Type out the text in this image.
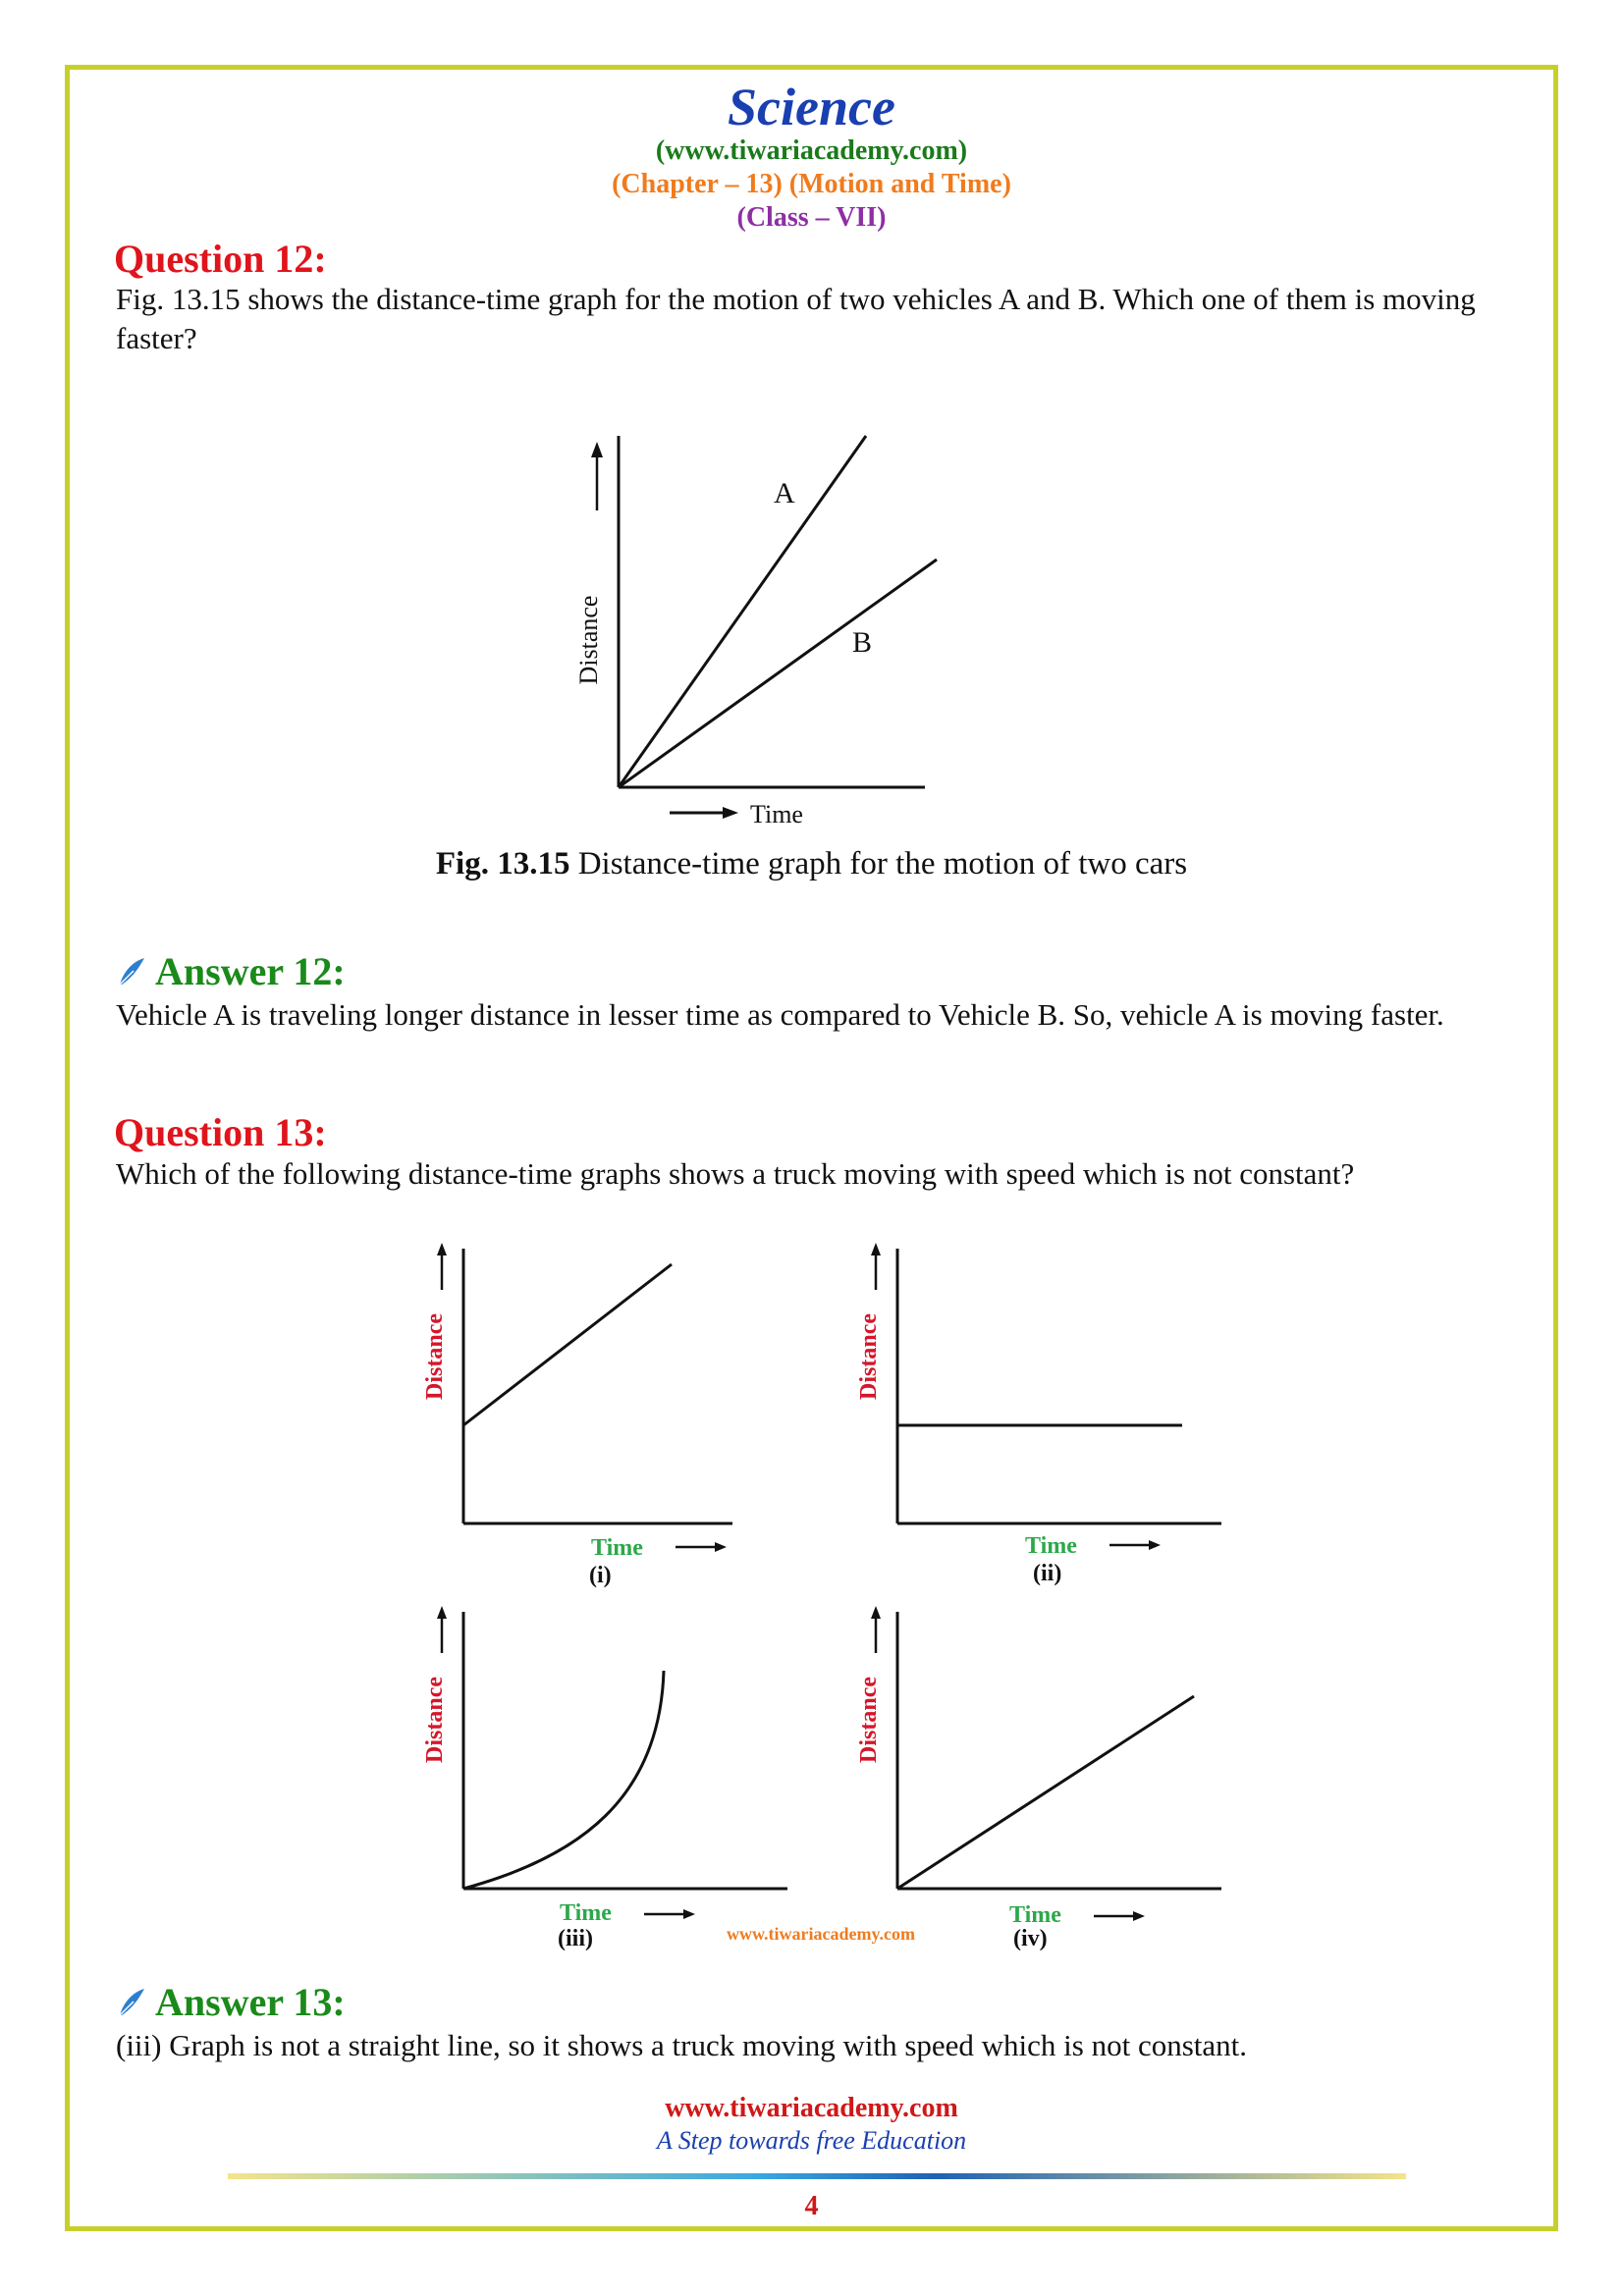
Science
(www.tiwariacademy.com)
(Chapter – 13) (Motion and Time)
(Class – VII)
Question 12:
Fig. 13.15 shows the distance-time graph for the motion of two vehicles A and B. Which one of them is moving faster?
A
B
Distance
Time
Fig. 13.15 Distance-time graph for the motion of two cars
Answer 12:
Vehicle A is traveling longer distance in lesser time as compared to Vehicle B. So, vehicle A is moving faster.
Question 13:
Which of the following distance-time graphs shows a truck moving with speed which is not constant?
Distance
Time
(i)
Distance
Time
(ii)
Distance
Time
(iii)	www.tiwariacademy.com
Distance
Time
(iv)
Answer 13:
(iii) Graph is not a straight line, so it shows a truck moving with speed which is not constant.
www.tiwariacademy.com
A Step towards free Education
4
